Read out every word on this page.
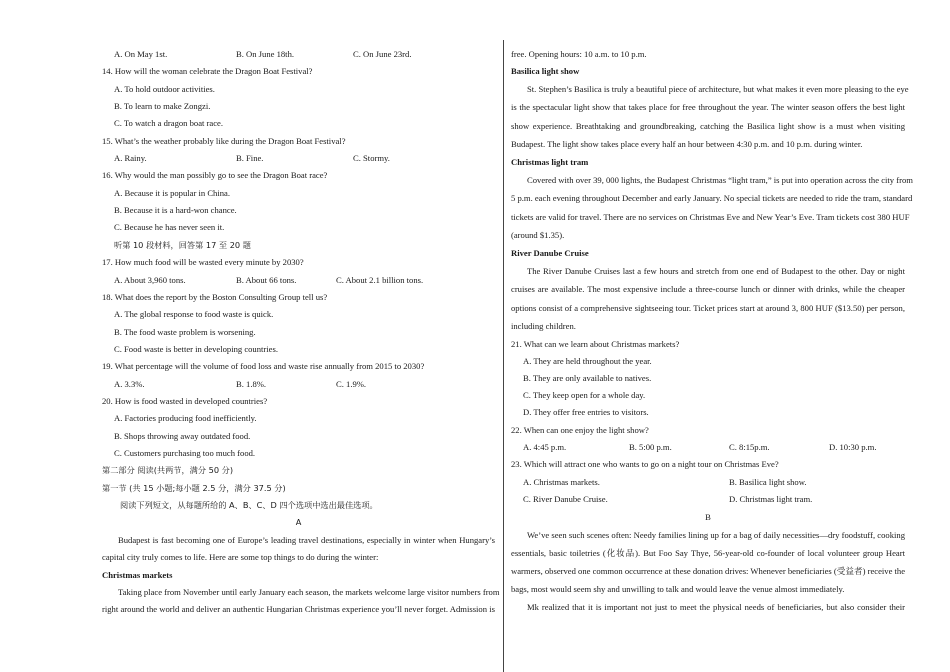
A. On May 1st.	B. On June 18th.	C. On June 23rd.
14. How will the woman celebrate the Dragon Boat Festival?
A. To hold outdoor activities.
B. To learn to make Zongzi.
C. To watch a dragon boat race.
15. What’s the weather probably like during the Dragon Boat Festival?
A. Rainy.	B. Fine.	C. Stormy.
16. Why would the man possibly go to see the Dragon Boat race?
A. Because it is popular in China.
B. Because it is a hard-won chance.
C. Because he has never seen it.
听第 10 段材料，回答第 17 至 20 题
17. How much food will be wasted every minute by 2030?
A. About 3,960 tons.	B. About 66 tons.	C. About 2.1 billion tons.
18. What does the report by the Boston Consulting Group tell us?
A. The global response to food waste is quick.
B. The food waste problem is worsening.
C. Food waste is better in developing countries.
19. What percentage will the volume of food loss and waste rise annually from 2015 to 2030?
A. 3.3%.	B. 1.8%.	C. 1.9%.
20. How is food wasted in developed countries?
A. Factories producing food inefficiently.
B. Shops throwing away outdated food.
C. Customers purchasing too much food.
第二部分 阅读(共两节，满分 50 分)
第一节 (共 15 小题;每小题 2.5 分，满分 37.5 分)
阅读下列短文，从每题所给的 A、B、C、D 四个选项中选出最佳选项。
A
Budapest is fast becoming one of Europe’s leading travel destinations, especially in winter when Hungary’s
capital city truly comes to life. Here are some top things to do during the winter:
Christmas markets
Taking place from November until early January each season, the markets welcome large visitor numbers from
right around the world and deliver an authentic Hungarian Christmas experience you’ll never forget. Admission is
free. Opening hours: 10 a.m. to 10 p.m.
Basilica light show
St. Stephen’s Basilica is truly a beautiful piece of architecture, but what makes it even more pleasing to the eye
is the spectacular light show that takes place for free throughout the year. The winter season offers the best light
show experience. Breathtaking and groundbreaking, catching the Basilica light show is a must when visiting
Budapest. The light show takes place every half an hour between 4:30 p.m. and 10 p.m. during winter.
Christmas light tram
Covered with over 39, 000 lights, the Budapest Christmas “light tram,” is put into operation across the city from
5 p.m. each evening throughout December and early January. No special tickets are needed to ride the tram, standard
tickets are valid for travel. There are no services on Christmas Eve and New Year’s Eve. Tram tickets cost 380 HUF
(around $1.35).
River Danube Cruise
The River Danube Cruises last a few hours and stretch from one end of Budapest to the other. Day or night
cruises are available. The most expensive include a three-course lunch or dinner with drinks, while the cheaper
options consist of a comprehensive sightseeing tour. Ticket prices start at around 3, 800 HUF ($13.50) per person,
including children.
21. What can we learn about Christmas markets?
A. They are held throughout the year.
B. They are only available to natives.
C. They keep open for a whole day.
D. They offer free entries to visitors.
22. When can one enjoy the light show?
A. 4:45 p.m.	B. 5:00 p.m.	C. 8:15p.m.	D. 10:30 p.m.
23. Which will attract one who wants to go on a night tour on Christmas Eve?
A. Christmas markets.	B. Basilica light show.
C. River Danube Cruise.	D. Christmas light tram.
B
We’ve seen such scenes often: Needy families lining up for a bag of daily necessities—dry foodstuff, cooking
essentials, basic toiletries (化妆品). But Foo Say Thye, 56-year-old co-founder of local volunteer group Heart
warmers, observed one common occurrence at these donation drives: Whenever beneficiaries (受益者) receive the
bags, most would seem shy and unwilling to talk and would leave the venue almost immediately.
Mk realized that it is important not just to meet the physical needs of beneficiaries, but also consider their
